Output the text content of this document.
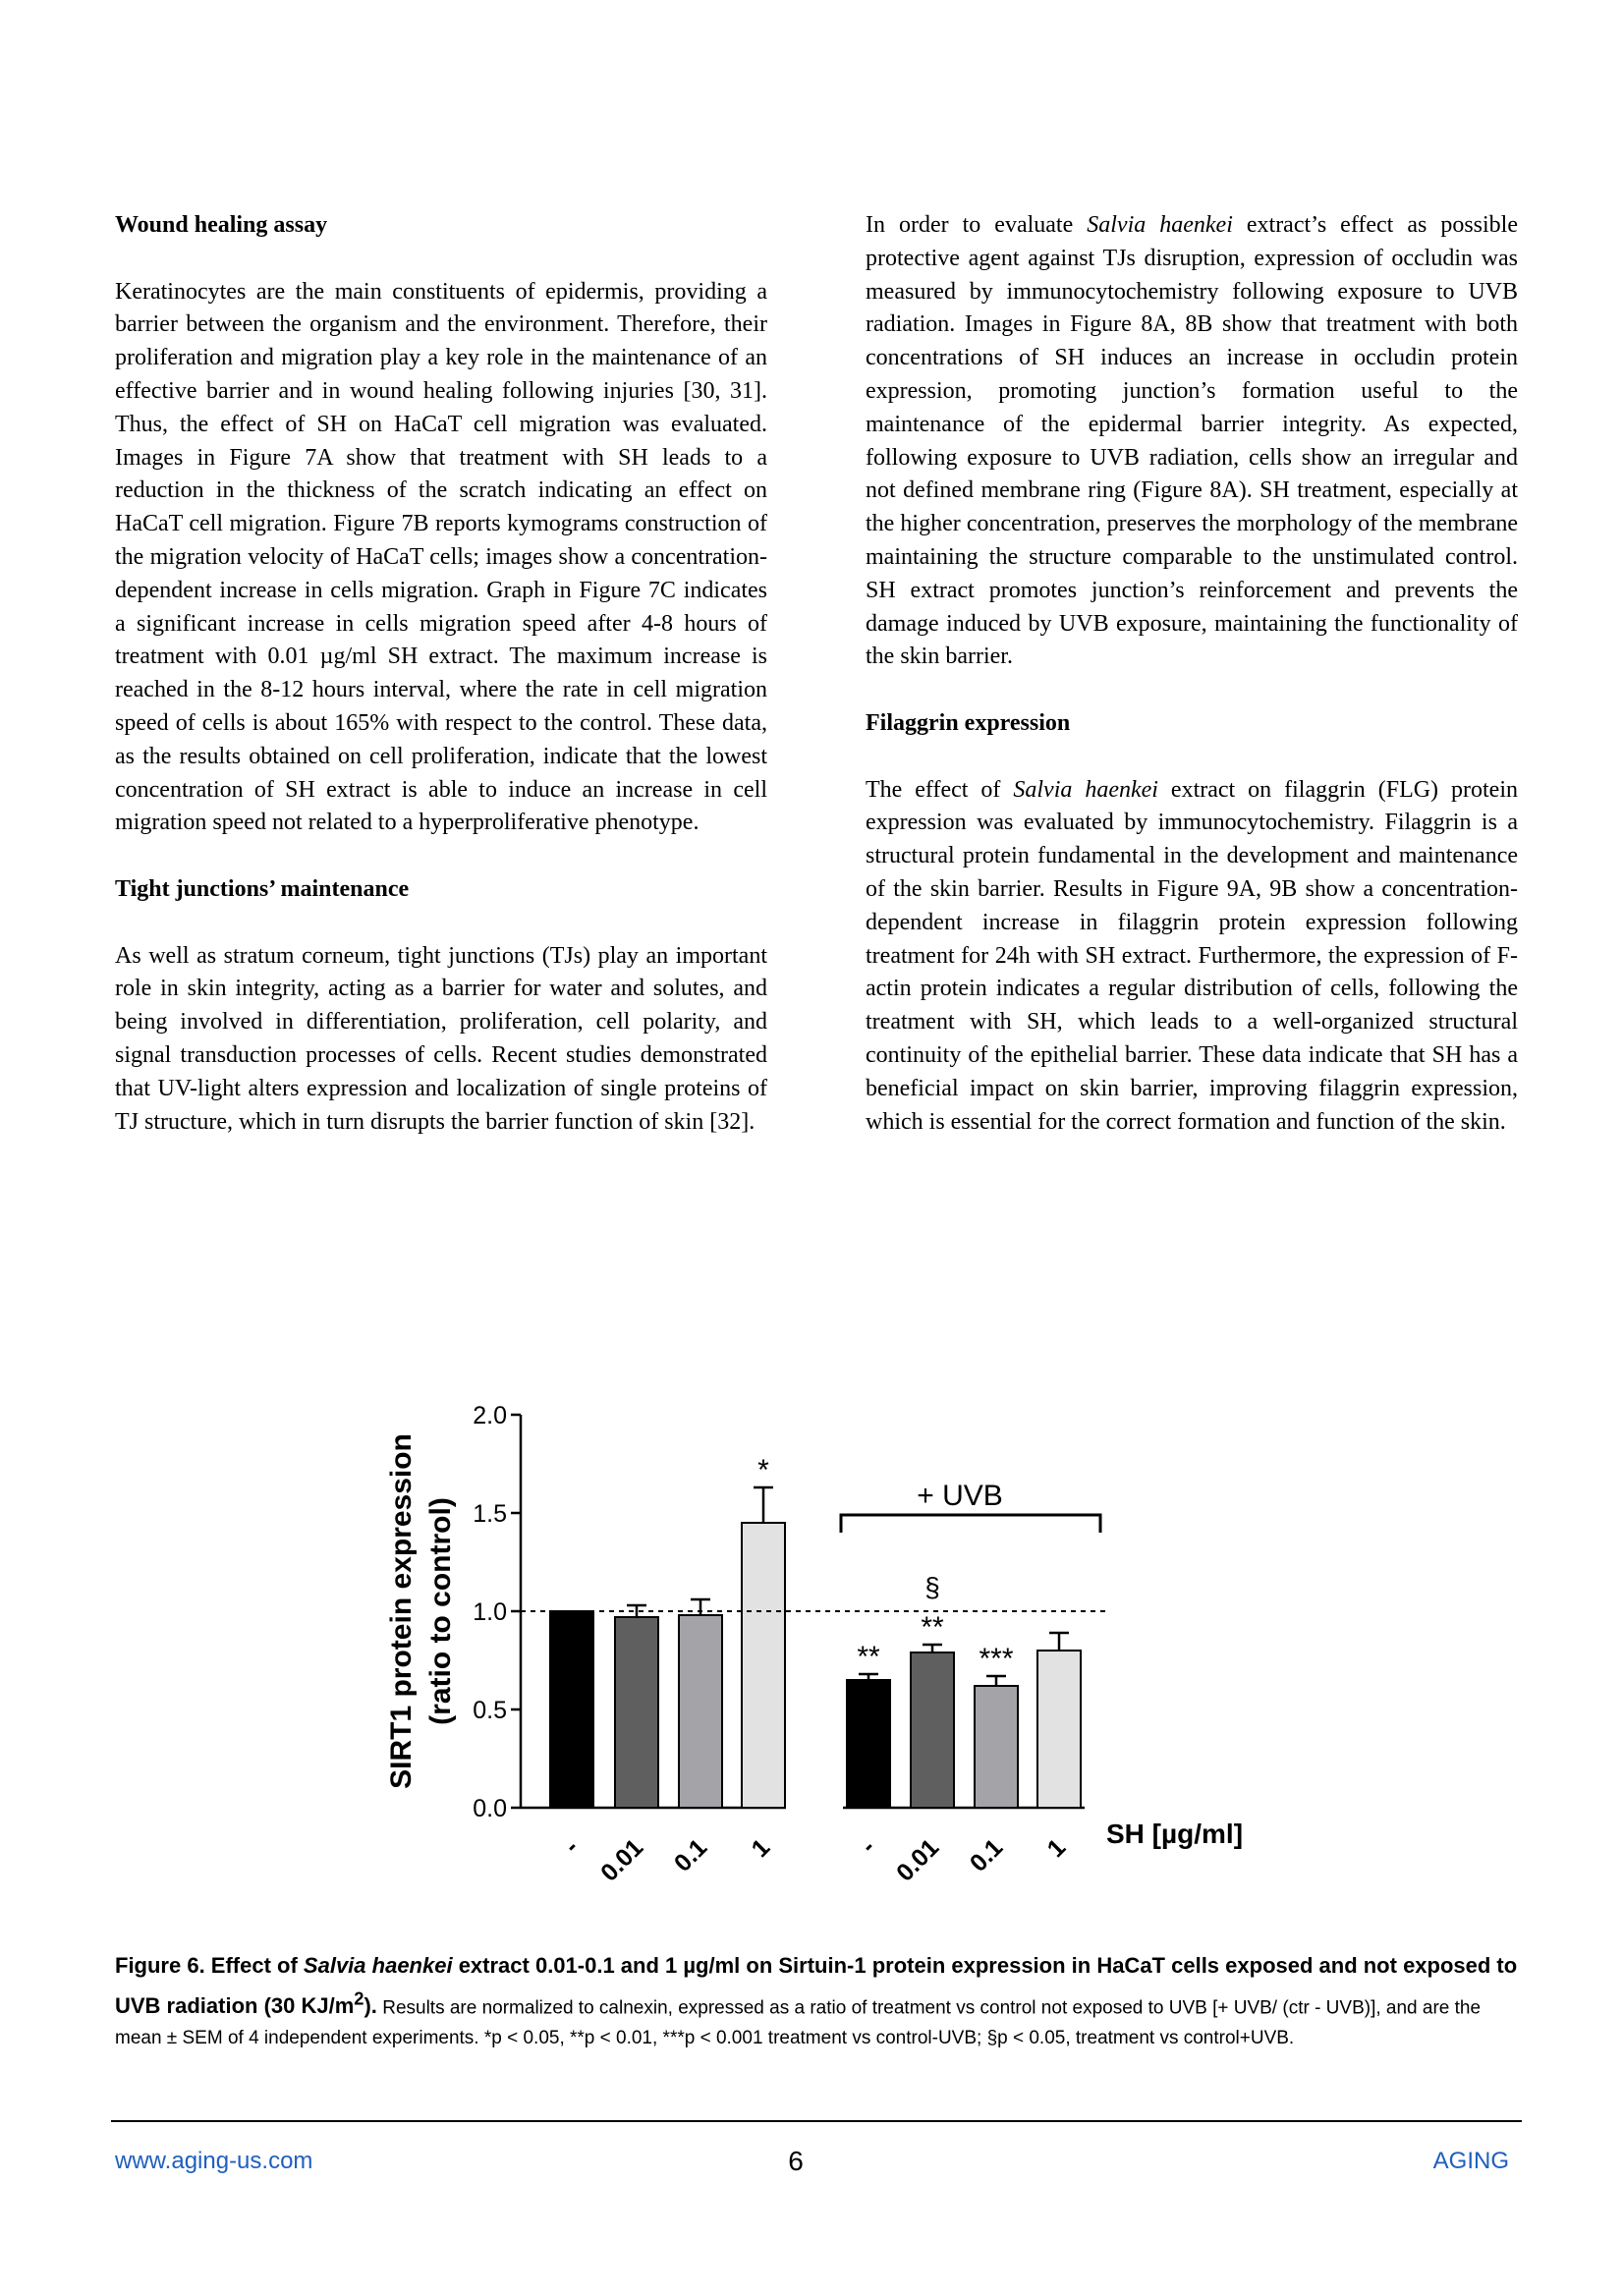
Wound healing assay

Keratinocytes are the main constituents of epidermis, providing a barrier between the organism and the environment. Therefore, their proliferation and migration play a key role in the maintenance of an effective barrier and in wound healing following injuries [30, 31]. Thus, the effect of SH on HaCaT cell migration was evaluated. Images in Figure 7A show that treatment with SH leads to a reduction in the thickness of the scratch indicating an effect on HaCaT cell migration. Figure 7B reports kymograms construction of the migration velocity of HaCaT cells; images show a concentration-dependent increase in cells migration. Graph in Figure 7C indicates a significant increase in cells migration speed after 4-8 hours of treatment with 0.01 µg/ml SH extract. The maximum increase is reached in the 8-12 hours interval, where the rate in cell migration speed of cells is about 165% with respect to the control. These data, as the results obtained on cell proliferation, indicate that the lowest concentration of SH extract is able to induce an increase in cell migration speed not related to a hyperproliferative phenotype.

Tight junctions’ maintenance

As well as stratum corneum, tight junctions (TJs) play an important role in skin integrity, acting as a barrier for water and solutes, and being involved in differentiation, proliferation, cell polarity, and signal transduction processes of cells. Recent studies demonstrated that UV-light alters expression and localization of single proteins of TJ structure, which in turn disrupts the barrier function of skin [32].

In order to evaluate Salvia haenkei extract’s effect as possible protective agent against TJs disruption, expression of occludin was measured by immunocytochemistry following exposure to UVB radiation. Images in Figure 8A, 8B show that treatment with both concentrations of SH induces an increase in occludin protein expression, promoting junction’s formation useful to the maintenance of the epidermal barrier integrity. As expected, following exposure to UVB radiation, cells show an irregular and not defined membrane ring (Figure 8A). SH treatment, especially at the higher concentration, preserves the morphology of the membrane maintaining the structure comparable to the unstimulated control. SH extract promotes junction’s reinforcement and prevents the damage induced by UVB exposure, maintaining the functionality of the skin barrier.

Filaggrin expression

The effect of Salvia haenkei extract on filaggrin (FLG) protein expression was evaluated by immunocytochemistry. Filaggrin is a structural protein fundamental in the development and maintenance of the skin barrier. Results in Figure 9A, 9B show a concentration-dependent increase in filaggrin protein expression following treatment for 24h with SH extract. Furthermore, the expression of F-actin protein indicates a regular distribution of cells, following the treatment with SH, which leads to a well-organized structural continuity of the epithelial barrier. These data indicate that SH has a beneficial impact on skin barrier, improving filaggrin expression, which is essential for the correct formation and function of the skin.

0.0
0.5
1.0
1.5
2.0
SIRT1 protein expression (ratio to control)
- 0.01 0.1
*
1
**
-
**
0.01
***
0.1 1
§
+ UVB
SH [µg/ml]
Figure 6. Effect of Salvia haenkei extract 0.01-0.1 and 1 µg/ml on Sirtuin-1 protein expression in HaCaT cells exposed and not exposed to UVB radiation (30 $KJ/m^2$). Results are normalized to calnexin, expressed as a ratio of treatment vs control not exposed to UVB [+ UVB/ (ctr - UVB)], and are the mean ± SEM of 4 independent experiments. *p < 0.05, **p < 0.01, ***p < 0.001 treatment vs control-UVB; §p < 0.05, treatment vs control+UVB.
www.aging-us.com	6	AGING
